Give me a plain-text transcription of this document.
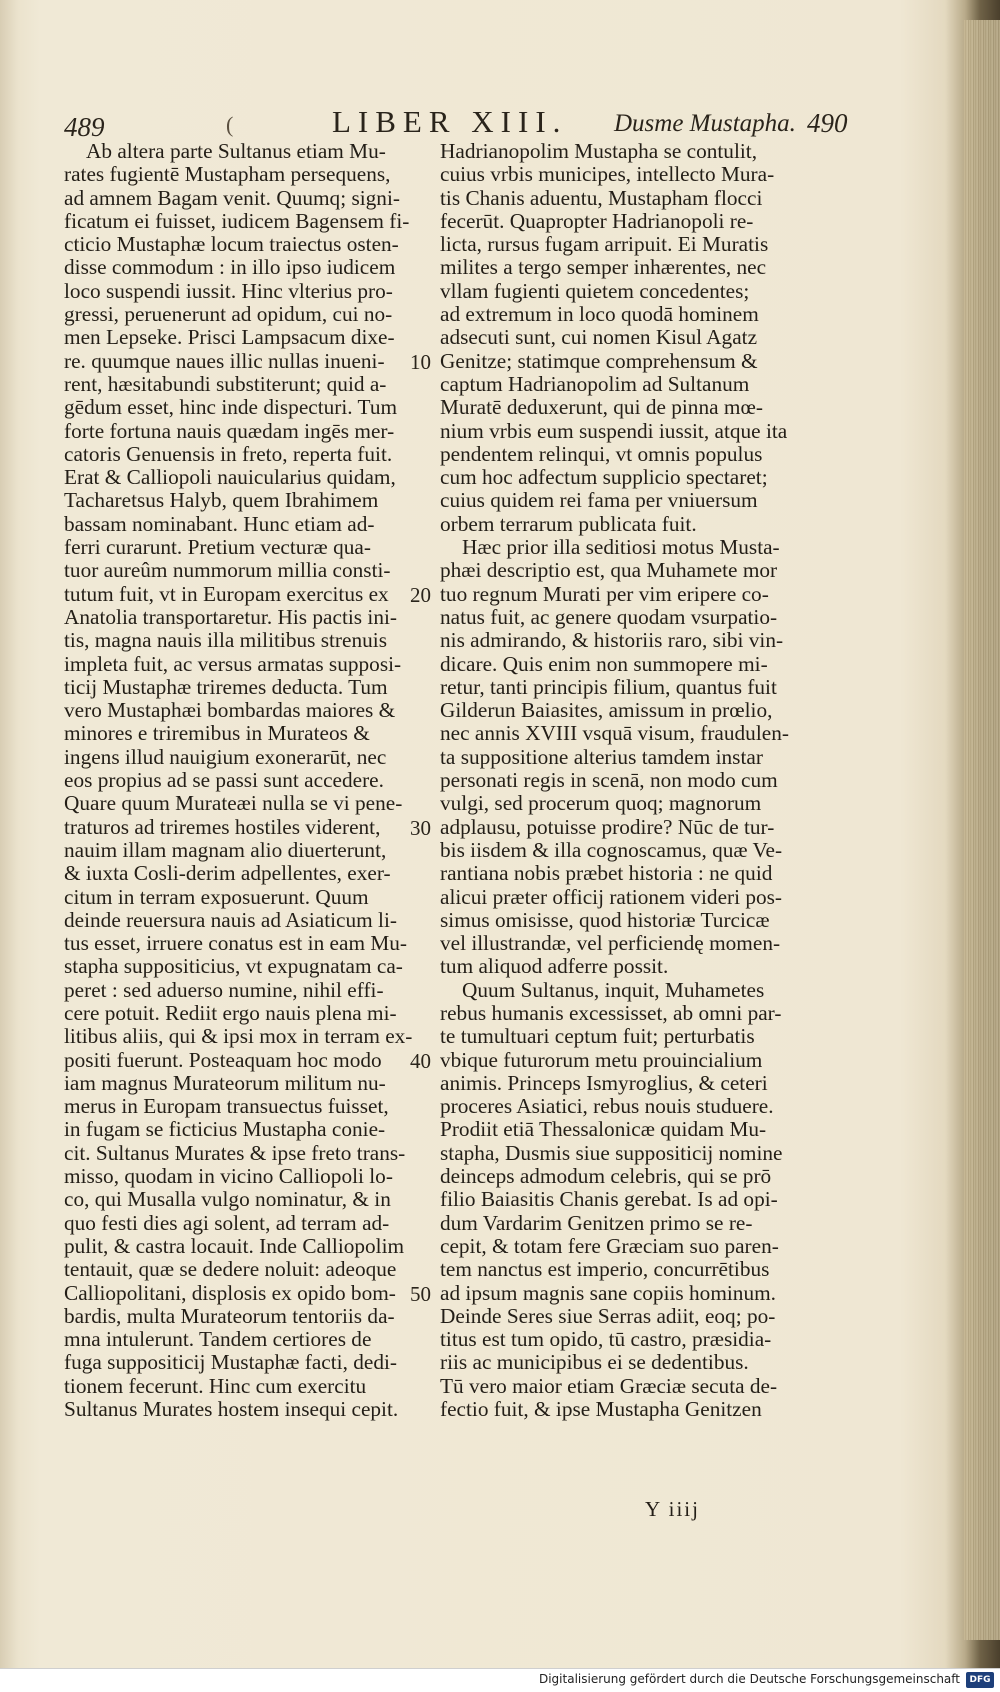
489	(	LIBER XIII. Dusme Mustapha. 490
Ab altera parte Sultanus etiam Mu-
rates fugientē Mustapham persequens,
ad amnem Bagam venit. Quumq; signi-
ficatum ei fuisset, iudicem Bagensem fi-
cticio Mustaphæ locum traiectus osten-
disse commodum : in illo ipso iudicem
loco suspendi iussit. Hinc vlterius pro-
gressi, peruenerunt ad opidum, cui no-
men Lepseke. Prisci Lampsacum dixe-
re. quumque naues illic nullas inueni-
rent, hæsitabundi substiterunt; quid a-
gēdum esset, hinc inde dispecturi. Tum
forte fortuna nauis quædam ingēs mer-
catoris Genuensis in freto, reperta fuit.
Erat & Calliopoli nauicularius quidam,
Tacharetsus Halyb, quem Ibrahimem
bassam nominabant. Hunc etiam ad-
ferri curarunt. Pretium vecturæ qua-
tuor aureûm nummorum millia consti-
tutum fuit, vt in Europam exercitus ex
Anatolia transportaretur. His pactis ini-
tis, magna nauis illa militibus strenuis
impleta fuit, ac versus armatas supposi-
ticij Mustaphæ triremes deducta. Tum
vero Mustaphæi bombardas maiores &
minores e triremibus in Murateos &
ingens illud nauigium exonerarūt, nec
eos propius ad se passi sunt accedere.
Quare quum Murateæi nulla se vi pene-
traturos ad triremes hostiles viderent,
nauim illam magnam alio diuerterunt,
& iuxta Cosli-derim adpellentes, exer-
citum in terram exposuerunt. Quum
deinde reuersura nauis ad Asiaticum li-
tus esset, irruere conatus est in eam Mu-
stapha suppositicius, vt expugnatam ca-
peret : sed aduerso numine, nihil effi-
cere potuit. Rediit ergo nauis plena mi-
litibus aliis, qui & ipsi mox in terram ex-
positi fuerunt. Posteaquam hoc modo
iam magnus Murateorum militum nu-
merus in Europam transuectus fuisset,
in fugam se ficticius Mustapha conie-
cit. Sultanus Murates & ipse freto trans-
misso, quodam in vicino Calliopoli lo-
co, qui Musalla vulgo nominatur, & in
quo festi dies agi solent, ad terram ad-
pulit, & castra locauit. Inde Calliopolim
tentauit, quæ se dedere noluit: adeoque
Calliopolitani, displosis ex opido bom-
bardis, multa Murateorum tentoriis da-
mna intulerunt. Tandem certiores de
fuga suppositicij Mustaphæ facti, dedi-
tionem fecerunt. Hinc cum exercitu
Sultanus Murates hostem insequi cepit.
Hadrianopolim Mustapha se contulit,
cuius vrbis municipes, intellecto Mura-
tis Chanis aduentu, Mustapham flocci
fecerūt. Quapropter Hadrianopoli re-
licta, rursus fugam arripuit. Ei Muratis
milites a tergo semper inhærentes, nec
vllam fugienti quietem concedentes;
ad extremum in loco quodā hominem
adsecuti sunt, cui nomen Kisul Agatz
Genitze; statimque comprehensum &
captum Hadrianopolim ad Sultanum
Muratē deduxerunt, qui de pinna mœ-
nium vrbis eum suspendi iussit, atque ita
pendentem relinqui, vt omnis populus
cum hoc adfectum supplicio spectaret;
cuius quidem rei fama per vniuersum
orbem terrarum publicata fuit.
Hæc prior illa seditiosi motus Musta-
phæi descriptio est, qua Muhamete mor
tuo regnum Murati per vim eripere co-
natus fuit, ac genere quodam vsurpatio-
nis admirando, & historiis raro, sibi vin-
dicare. Quis enim non summopere mi-
retur, tanti principis filium, quantus fuit
Gilderun Baiasites, amissum in prœlio,
nec annis XVIII vsquā visum, fraudulen-
ta suppositione alterius tamdem instar
personati regis in scenā, non modo cum
vulgi, sed procerum quoq; magnorum
adplausu, potuisse prodire? Nūc de tur-
bis iisdem & illa cognoscamus, quæ Ve-
rantiana nobis præbet historia : ne quid
alicui præter officij rationem videri pos-
simus omisisse, quod historiæ Turcicæ
vel illustrandæ, vel perficiendę momen-
tum aliquod adferre possit.
Quum Sultanus, inquit, Muhametes
rebus humanis excessisset, ab omni par-
te tumultuari ceptum fuit; perturbatis
vbique futurorum metu prouincialium
animis. Princeps Ismyroglius, & ceteri
proceres Asiatici, rebus nouis studuere.
Prodiit etiā Thessalonicæ quidam Mu-
stapha, Dusmis siue suppositicij nomine
deinceps admodum celebris, qui se prō
filio Baiasitis Chanis gerebat. Is ad opi-
dum Vardarim Genitzen primo se re-
cepit, & totam fere Græciam suo paren-
tem nanctus est imperio, concurrētibus
ad ipsum magnis sane copiis hominum.
Deinde Seres siue Serras adiit, eoq; po-
titus est tum opido, tū castro, præsidia-
riis ac municipibus ei se dedentibus.
Tū vero maior etiam Græciæ secuta de-
fectio fuit, & ipse Mustapha Genitzen
10
20
30
40
50
Y iiij
Digitalisierung gefördert durch die Deutsche Forschungsgemeinschaft	DFG
